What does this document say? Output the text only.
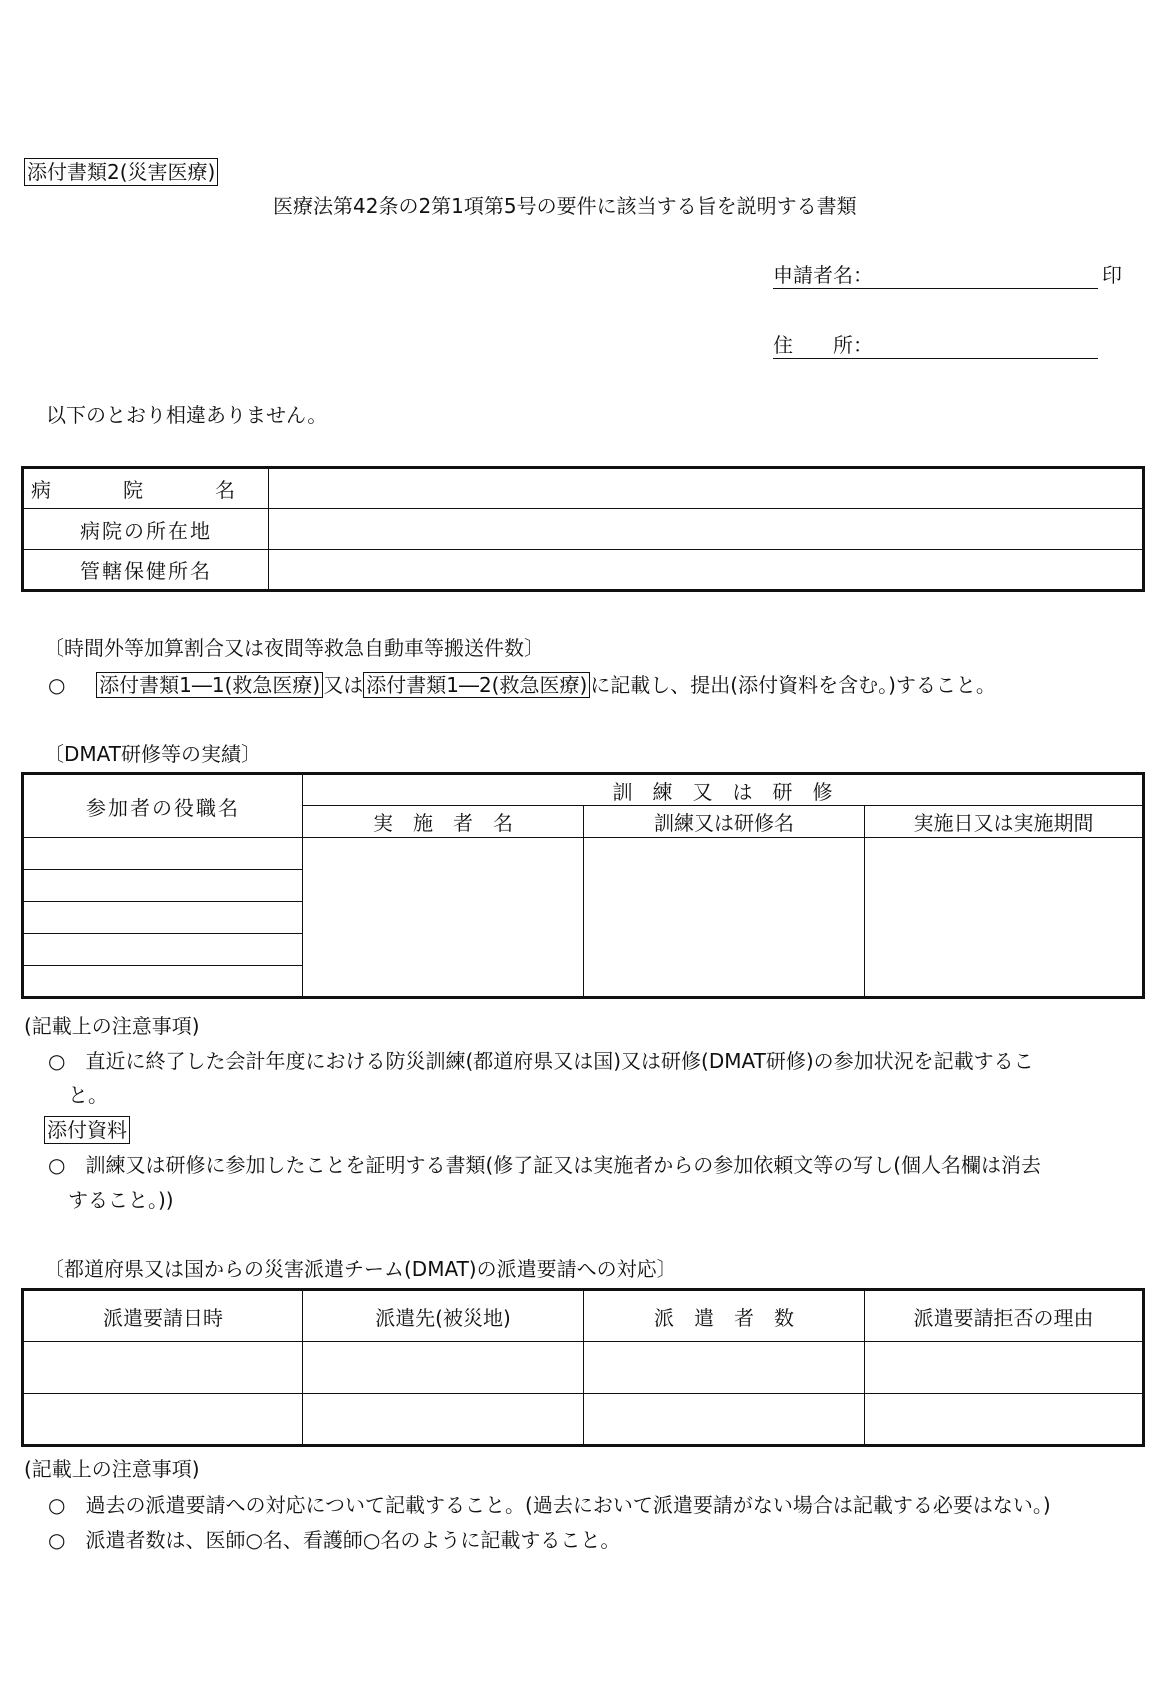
添付書類2(災害医療)
医療法第42条の2第1項第5号の要件に該当する旨を説明する書類
申請者名：	印
住　　所：
以下のとおり相違ありません。
病　院　名	
病院の所在地	
管轄保健所名	
〔時間外等加算割合又は夜間等救急自動車等搬送件数〕
○ 添付書類1―1(救急医療) 又は 添付書類1―2(救急医療) に記載し、提出(添付資料を含む。)すること。
〔DMAT研修等の実績〕
参加者の役職名	訓　練　又　は　研　修		
	実　施　者　名	訓練又は研修名	実施日又は実施期間

(記載上の注意事項)
○　直近に終了した会計年度における防災訓練(都道府県又は国)又は研修(DMAT研修)の参加状況を記載するこ
と。
添付資料
○　訓練又は研修に参加したことを証明する書類(修了証又は実施者からの参加依頼文等の写し(個人名欄は消去
すること。))
〔都道府県又は国からの災害派遣チーム(DMAT)の派遣要請への対応〕
派遣要請日時	派遣先(被災地)	派　遣　者　数	派遣要請拒否の理由

(記載上の注意事項)
○　過去の派遣要請への対応について記載すること。(過去において派遣要請がない場合は記載する必要はない。)
○　派遣者数は、医師○名、看護師○名のように記載すること。
